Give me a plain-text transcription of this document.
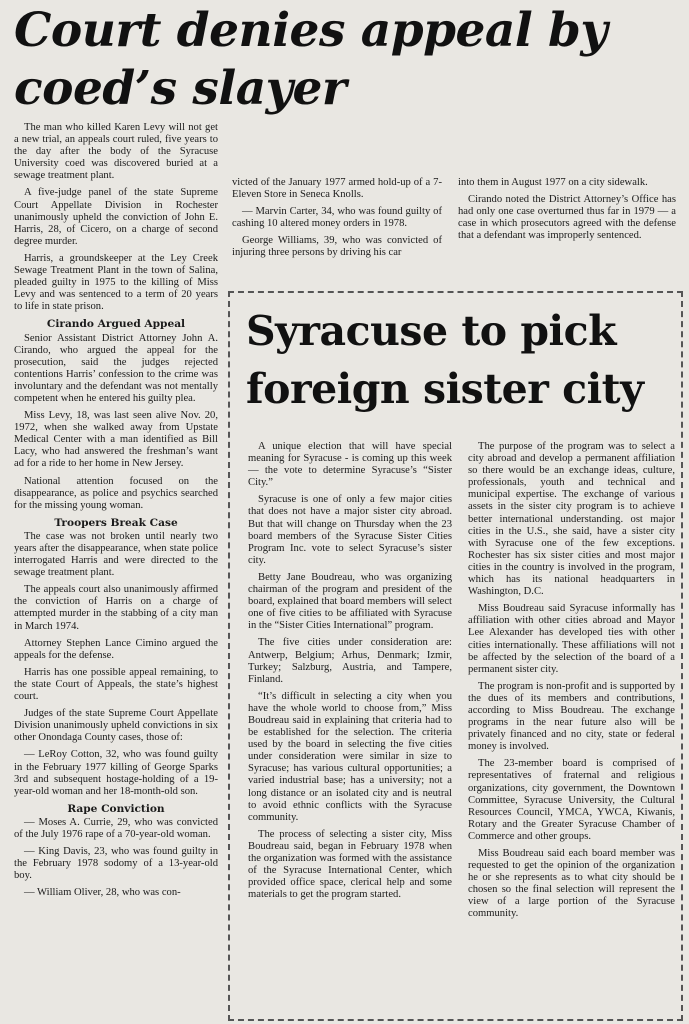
Court denies appeal by coed’s slayer

The man who killed Karen Levy will not get a new trial, an appeals court ruled, five years to the day after the body of the Syracuse University coed was discovered buried at a sewage treatment plant.

A five-judge panel of the state Supreme Court Appellate Division in Rochester unanimously upheld the conviction of John E. Harris, 28, of Cicero, on a charge of second degree murder.

Harris, a groundskeeper at the Ley Creek Sewage Treatment Plant in the town of Salina, pleaded guilty in 1975 to the killing of Miss Levy and was sentenced to a term of 20 years to life in state prison.

Cirando Argued Appeal

Senior Assistant District Attorney John A. Cirando, who argued the appeal for the prosecution, said the judges rejected contentions Harris’ confession to the crime was involuntary and the defendant was not mentally competent when he entered his guilty plea.

Miss Levy, 18, was last seen alive Nov. 20, 1972, when she walked away from Upstate Medical Center with a man identified as Bill Lacy, who had answered the freshman’s want ad for a ride to her home in New Jersey.

National attention focused on the disappearance, as police and psychics searched for the missing young woman.

Troopers Break Case

The case was not broken until nearly two years after the disappearance, when state police interrogated Harris and were directed to the sewage treatment plant.

The appeals court also unanimously affirmed the conviction of Harris on a charge of attempted murder in the stabbing of a city man in March 1974.

Attorney Stephen Lance Cimino argued the appeals for the defense.

Harris has one possible appeal remaining, to the state Court of Appeals, the state’s highest court.

Judges of the state Supreme Court Appellate Division unanimously upheld convictions in six other Onondaga County cases, those of:

— LeRoy Cotton, 32, who was found guilty in the February 1977 killing of George Sparks 3rd and subsequent hostage-holding of a 19-year-old woman and her 18-month-old son.

Rape Conviction

— Moses A. Currie, 29, who was convicted of the July 1976 rape of a 70-year-old woman.

— King Davis, 23, who was found guilty in the February 1978 sodomy of a 13-year-old boy.

— William Oliver, 28, who was con-

victed of the January 1977 armed hold-up of a 7-Eleven Store in Seneca Knolls.

— Marvin Carter, 34, who was found guilty of cashing 10 altered money orders in 1978.

George Williams, 39, who was convicted of injuring three persons by driving his car

into them in August 1977 on a city sidewalk.

Cirando noted the District Attorney’s Office has had only one case overturned thus far in 1979 — a case in which prosecutors agreed with the defense that a defendant was improperly sentenced.

Syracuse to pick foreign sister city

A unique election that will have special meaning for Syracuse - is coming up this week — the vote to determine Syracuse’s “Sister City.”

Syracuse is one of only a few major cities that does not have a major sister city abroad. But that will change on Thursday when the 23 board members of the Syracuse Sister Cities Program Inc. vote to select Syracuse’s sister city.

Betty Jane Boudreau, who was organizing chairman of the program and president of the board, explained that board members will select one of five cities to be affiliated with Syracuse in the “Sister Cities International” program.

The five cities under consideration are: Antwerp, Belgium; Arhus, Denmark; Izmir, Turkey; Salzburg, Austria, and Tampere, Finland.

“It’s difficult in selecting a city when you have the whole world to choose from,” Miss Boudreau said in explaining that criteria had to be established for the selection. The criteria used by the board in selecting the five cities under consideration were similar in size to Syracuse; has various cultural opportunities; a varied industrial base; has a university; not a long distance or an isolated city and is neutral to avoid ethnic conflicts with the Syracuse community.

The process of selecting a sister city, Miss Boudreau said, began in February 1978 when the organization was formed with the assistance of the Syracuse International Center, which provided office space, clerical help and some materials to get the program started.

The purpose of the program was to select a city abroad and develop a permanent affiliation so there would be an exchange ideas, culture, professionals, youth and technical and municipal expertise. The exchange of various assets in the sister city program is to achieve better international understanding. ost major cities in the U.S., she said, have a sister city with Syracuse one of the few exceptions. Rochester has six sister cities and most major cities in the country is involved in the program, which has its national headquarters in Washington, D.C.

Miss Boudreau said Syracuse informally has affiliation with other cities abroad and Mayor Lee Alexander has developed ties with other cities internationally. These affiliations will not be affected by the selection of the board of a permanent sister city.

The program is non-profit and is supported by the dues of its members and contributions, according to Miss Boudreau. The exchange programs in the near future also will be privately financed and no city, state or federal money is involved.

The 23-member board is comprised of representatives of fraternal and religious organizations, city government, the Downtown Committee, Syracuse University, the Cultural Resources Council, YMCA, YWCA, Kiwanis, Rotary and the Greater Syracuse Chamber of Commerce and other groups.

Miss Boudreau said each board member was requested to get the opinion of the organization he or she represents as to what city should be chosen so the final selection will represent the view of a large portion of the Syracuse community.
